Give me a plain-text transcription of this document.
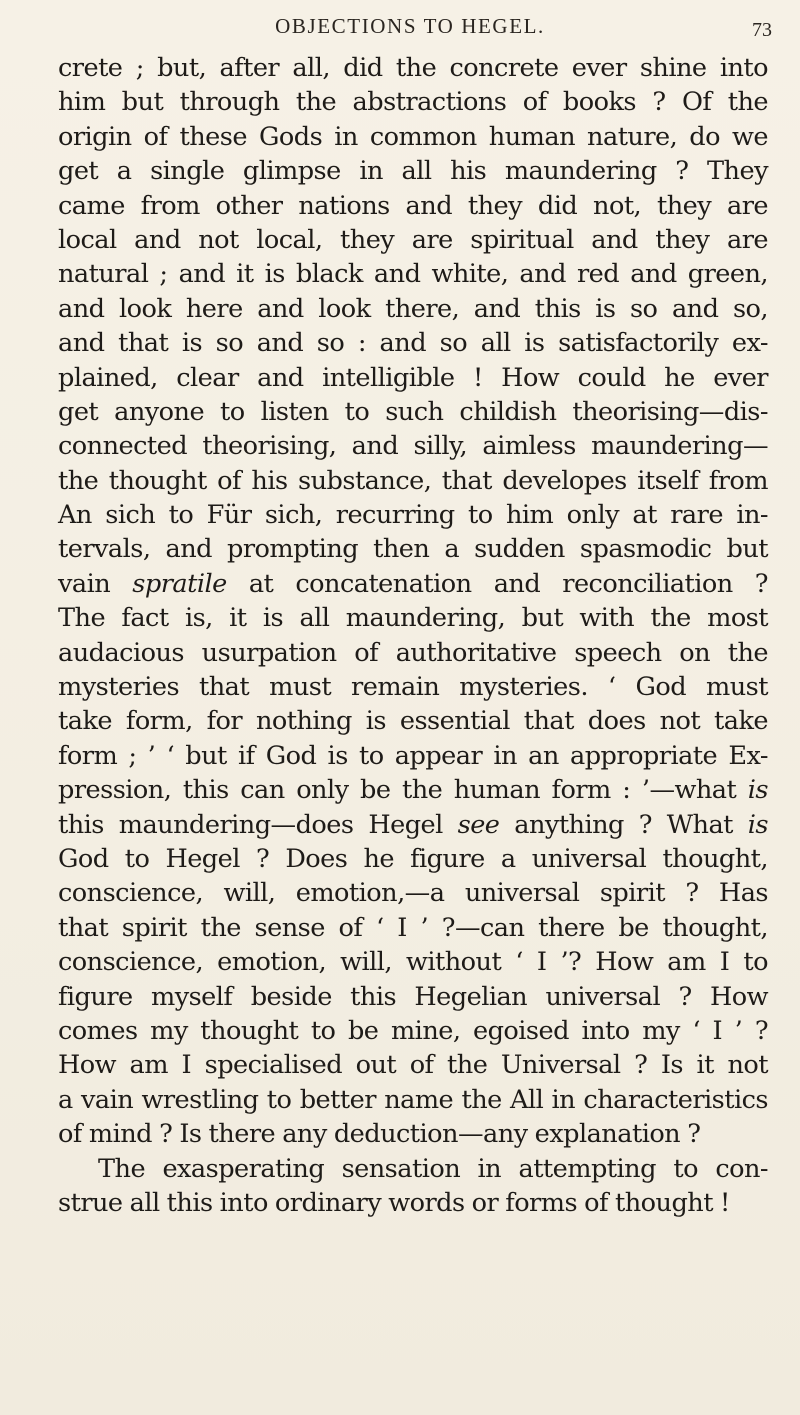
OBJECTIONS TO HEGEL.	73
crete ; but, after all, did the concrete ever shine into
him but through the abstractions of books ? Of the
origin of these Gods in common human nature, do we
get a single glimpse in all his maundering ? They
came from other nations and they did not, they are
local and not local, they are spiritual and they are
natural ; and it is black and white, and red and green,
and look here and look there, and this is so and so,
and that is so and so : and so all is satisfactorily ex-
plained, clear and intelligible ! How could he ever
get anyone to listen to such childish theorising—dis-
connected theorising, and silly, aimless maundering—
the thought of his substance, that developes itself from
An sich to Für sich, recurring to him only at rare in-
tervals, and prompting then a sudden spasmodic but
vain spratile at concatenation and reconciliation ?
The fact is, it is all maundering, but with the most
audacious usurpation of authoritative speech on the
mysteries that must remain mysteries. ‘ God must
take form, for nothing is essential that does not take
form ; ’ ‘ but if God is to appear in an appropriate Ex-
pression, this can only be the human form : ’—what is
this maundering—does Hegel see anything ? What is
God to Hegel ? Does he figure a universal thought,
conscience, will, emotion,—a universal spirit ? Has
that spirit the sense of ‘ I ’ ?—can there be thought,
conscience, emotion, will, without ‘ I ’? How am I to
figure myself beside this Hegelian universal ? How
comes my thought to be mine, egoised into my ‘ I ’ ?
How am I specialised out of the Universal ? Is it not
a vain wrestling to better name the All in characteristics
of mind ? Is there any deduction—any explanation ?
The exasperating sensation in attempting to con-
strue all this into ordinary words or forms of thought !
